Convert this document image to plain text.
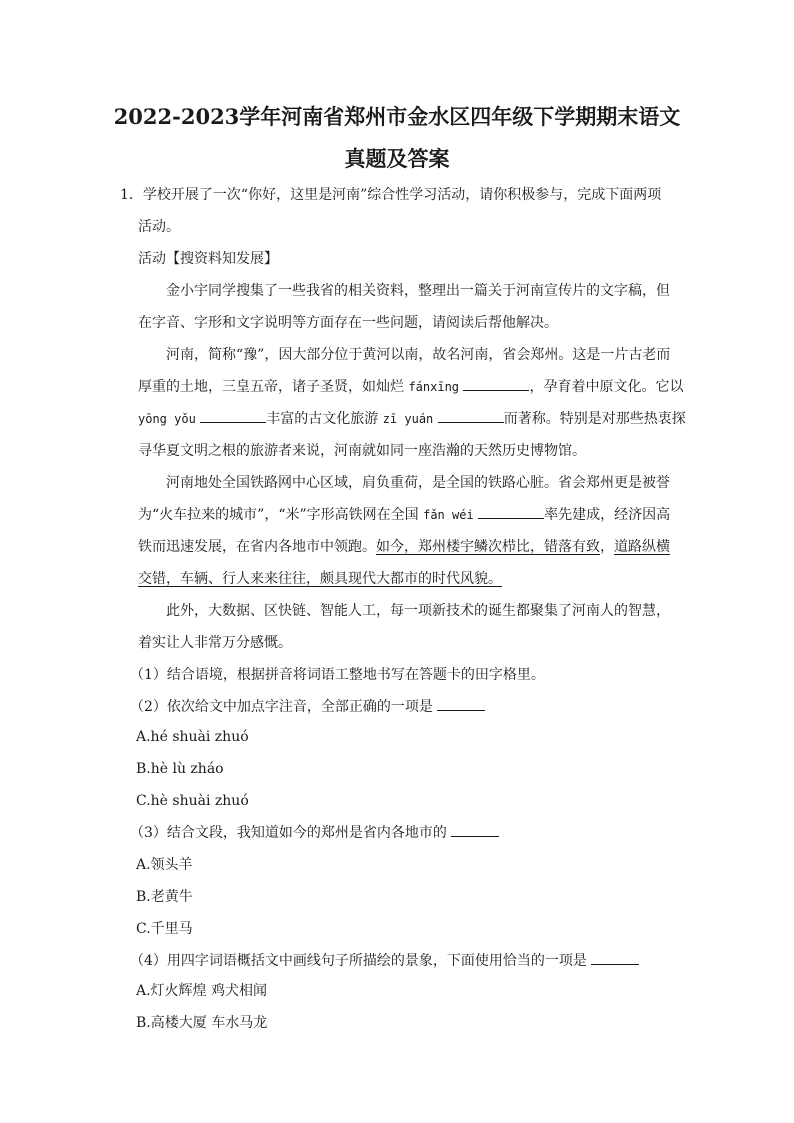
2022-2023学年河南省郑州市金水区四年级下学期期末语文
真题及答案
1．学校开展了一次“你好，这里是河南”综合性学习活动，请你积极参与，完成下面两项
活动。
活动【搜资料知发展】
金小宇同学搜集了一些我省的相关资料，整理出一篇关于河南宣传片的文字稿，但
在字音、字形和文字说明等方面存在一些问题，请阅读后帮他解决。
河南，简称“豫”，因大部分位于黄河以南，故名河南，省会郑州。这是一片古老而
厚重的土地，三皇五帝，诸子圣贤，如灿烂 fánxīng	，孕育着中原文化。它以
yōng yǒu	丰富的古文化旅游 zī yuán	而著称。特别是对那些热衷探
寻华夏文明之根的旅游者来说，河南就如同一座浩瀚的天然历史博物馆。
河南地处全国铁路网中心区域，肩负重荷，是全国的铁路心脏。省会郑州更是被誉
为“火车拉来的城市”，“米”字形高铁网在全国 fǎn wéi	率先建成，经济因高
铁而迅速发展，在省内各地市中领跑。如今，郑州楼宇鳞次栉比，错落有致，道路纵横
交错，车辆、行人来来往往，颇具现代大都市的时代风貌。
此外，大数据、区快链、智能人工，每一项新技术的诞生都聚集了河南人的智慧，
着实让人非常万分感慨。
（1）结合语境，根据拼音将词语工整地书写在答题卡的田字格里。
（2）依次给文中加点字注音，全部正确的一项是
A.hé shuài zhuó
B.hè lù zháo
C.hè shuài zhuó
（3）结合文段，我知道如今的郑州是省内各地市的
A.领头羊
B.老黄牛
C.千里马
（4）用四字词语概括文中画线句子所描绘的景象，下面使用恰当的一项是
A.灯火辉煌 鸡犬相闻
B.高楼大厦 车水马龙
